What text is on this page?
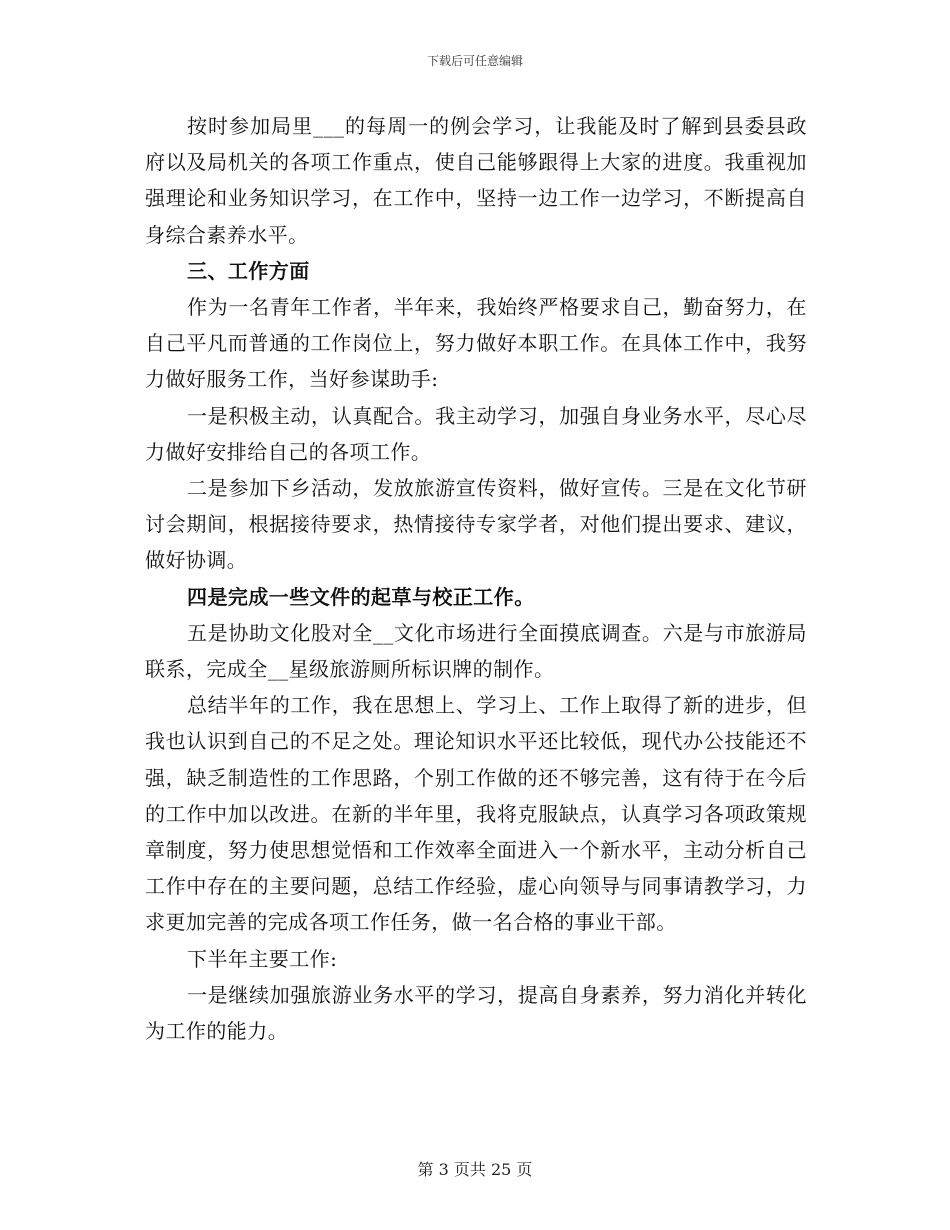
下载后可任意编辑

按时参加局里___的每周一的例会学习，让我能及时了解到县委县政府以及局机关的各项工作重点，使自己能够跟得上大家的进度。我重视加强理论和业务知识学习，在工作中，坚持一边工作一边学习，不断提高自身综合素养水平。

三、工作方面

作为一名青年工作者，半年来，我始终严格要求自己，勤奋努力，在自己平凡而普通的工作岗位上，努力做好本职工作。在具体工作中，我努力做好服务工作，当好参谋助手:

一是积极主动，认真配合。我主动学习，加强自身业务水平，尽心尽力做好安排给自己的各项工作。

二是参加下乡活动，发放旅游宣传资料，做好宣传。三是在文化节研讨会期间，根据接待要求，热情接待专家学者，对他们提出要求、建议，做好协调。

四是完成一些文件的起草与校正工作。

五是协助文化股对全__文化市场进行全面摸底调查。六是与市旅游局联系，完成全__星级旅游厕所标识牌的制作。

总结半年的工作，我在思想上、学习上、工作上取得了新的进步，但我也认识到自己的不足之处。理论知识水平还比较低，现代办公技能还不强，缺乏制造性的工作思路，个别工作做的还不够完善，这有待于在今后的工作中加以改进。在新的半年里，我将克服缺点，认真学习各项政策规章制度，努力使思想觉悟和工作效率全面进入一个新水平，主动分析自己工作中存在的主要问题，总结工作经验，虚心向领导与同事请教学习，力求更加完善的完成各项工作任务，做一名合格的事业干部。

下半年主要工作:

一是继续加强旅游业务水平的学习，提高自身素养，努力消化并转化为工作的能力。

第 3 页共 25 页
